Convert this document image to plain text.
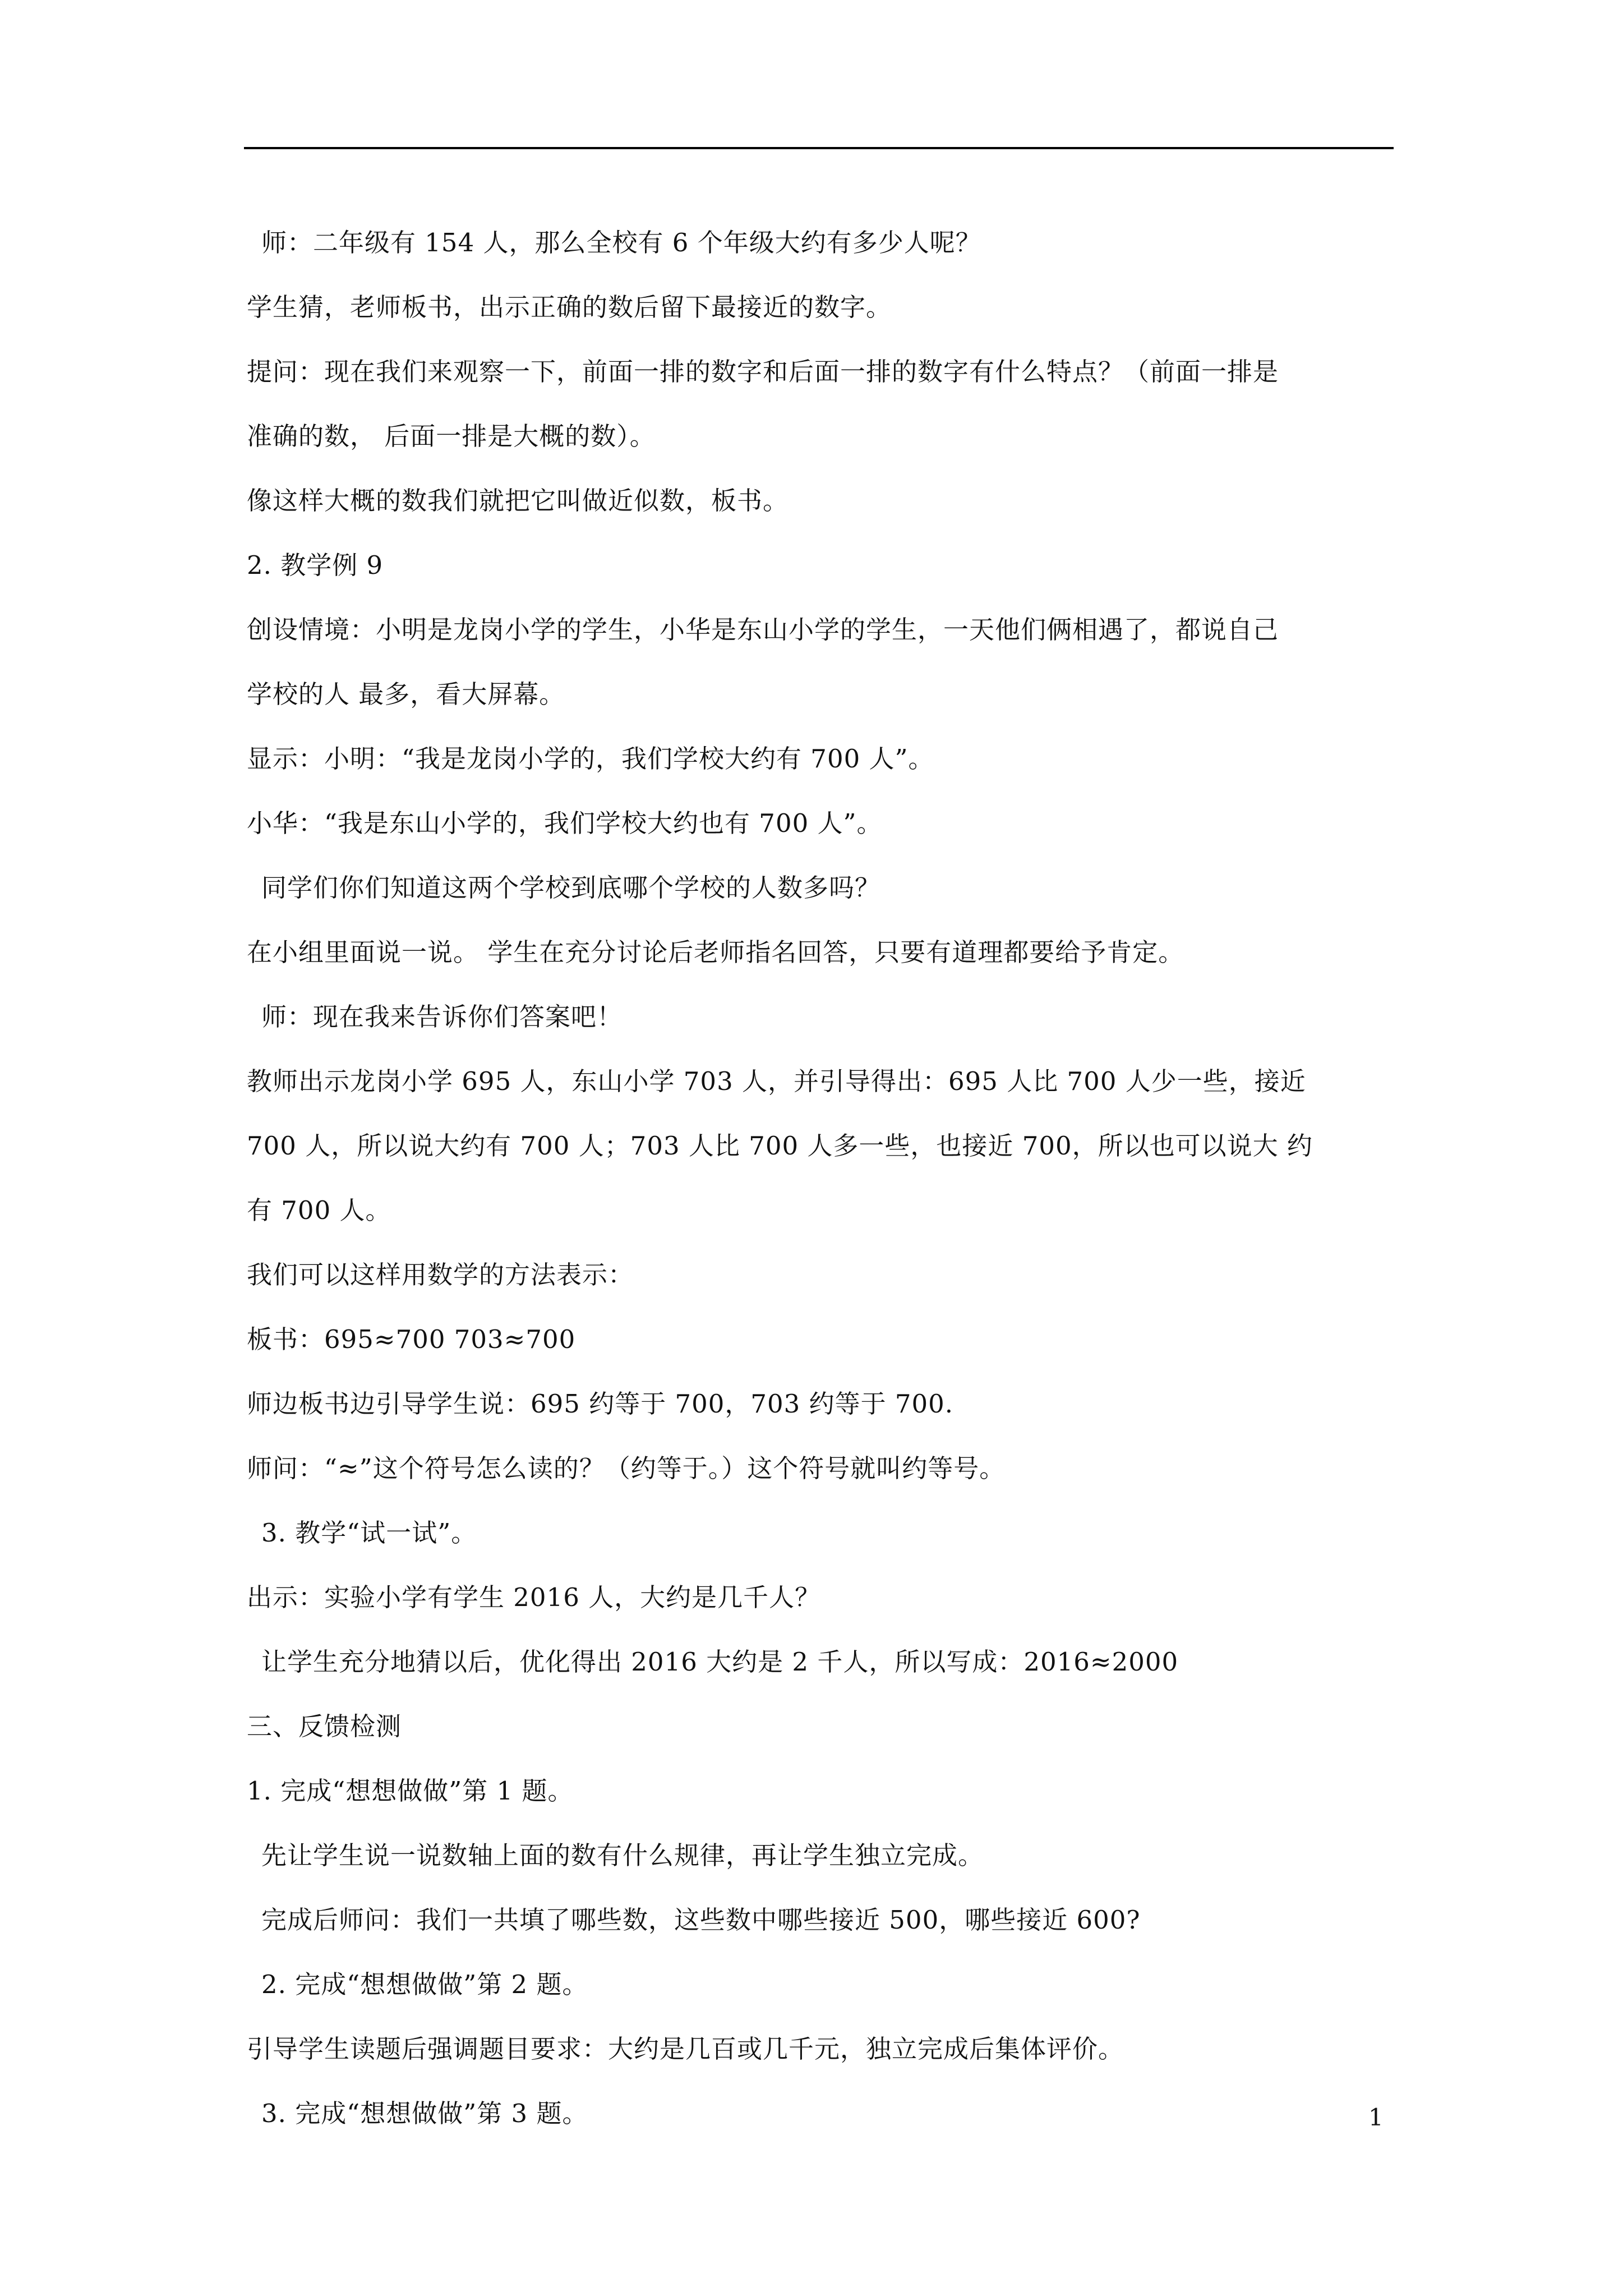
师：二年级有 154 人，那么全校有 6 个年级大约有多少人呢？
学生猜，老师板书，出示正确的数后留下最接近的数字。
提问：现在我们来观察一下，前面一排的数字和后面一排的数字有什么特点？（前面一排是
准确的数， 后面一排是大概的数）。
像这样大概的数我们就把它叫做近似数，板书。
2. 教学例 9
创设情境：小明是龙岗小学的学生，小华是东山小学的学生，一天他们俩相遇了，都说自己
学校的人 最多，看大屏幕。
显示：小明：“我是龙岗小学的，我们学校大约有 700 人”。
小华：“我是东山小学的，我们学校大约也有 700 人”。
同学们你们知道这两个学校到底哪个学校的人数多吗？
在小组里面说一说。 学生在充分讨论后老师指名回答，只要有道理都要给予肯定。
师：现在我来告诉你们答案吧！
教师出示龙岗小学 695 人，东山小学 703 人，并引导得出：695 人比 700 人少一些，接近
700 人，所以说大约有 700 人；703 人比 700 人多一些，也接近 700，所以也可以说大 约
有 700 人。
我们可以这样用数学的方法表示：
板书：695≈700 703≈700
师边板书边引导学生说：695 约等于 700，703 约等于 700.
师问：“≈”这个符号怎么读的？（约等于。）这个符号就叫约等号。
3. 教学“试一试”。
出示：实验小学有学生 2016 人，大约是几千人？
让学生充分地猜以后，优化得出 2016 大约是 2 千人，所以写成：2016≈2000
三、反馈检测
1. 完成“想想做做”第 1 题。
先让学生说一说数轴上面的数有什么规律，再让学生独立完成。
完成后师问：我们一共填了哪些数，这些数中哪些接近 500，哪些接近 600?
2. 完成“想想做做”第 2 题。
引导学生读题后强调题目要求：大约是几百或几千元，独立完成后集体评价。
3. 完成“想想做做”第 3 题。	1
